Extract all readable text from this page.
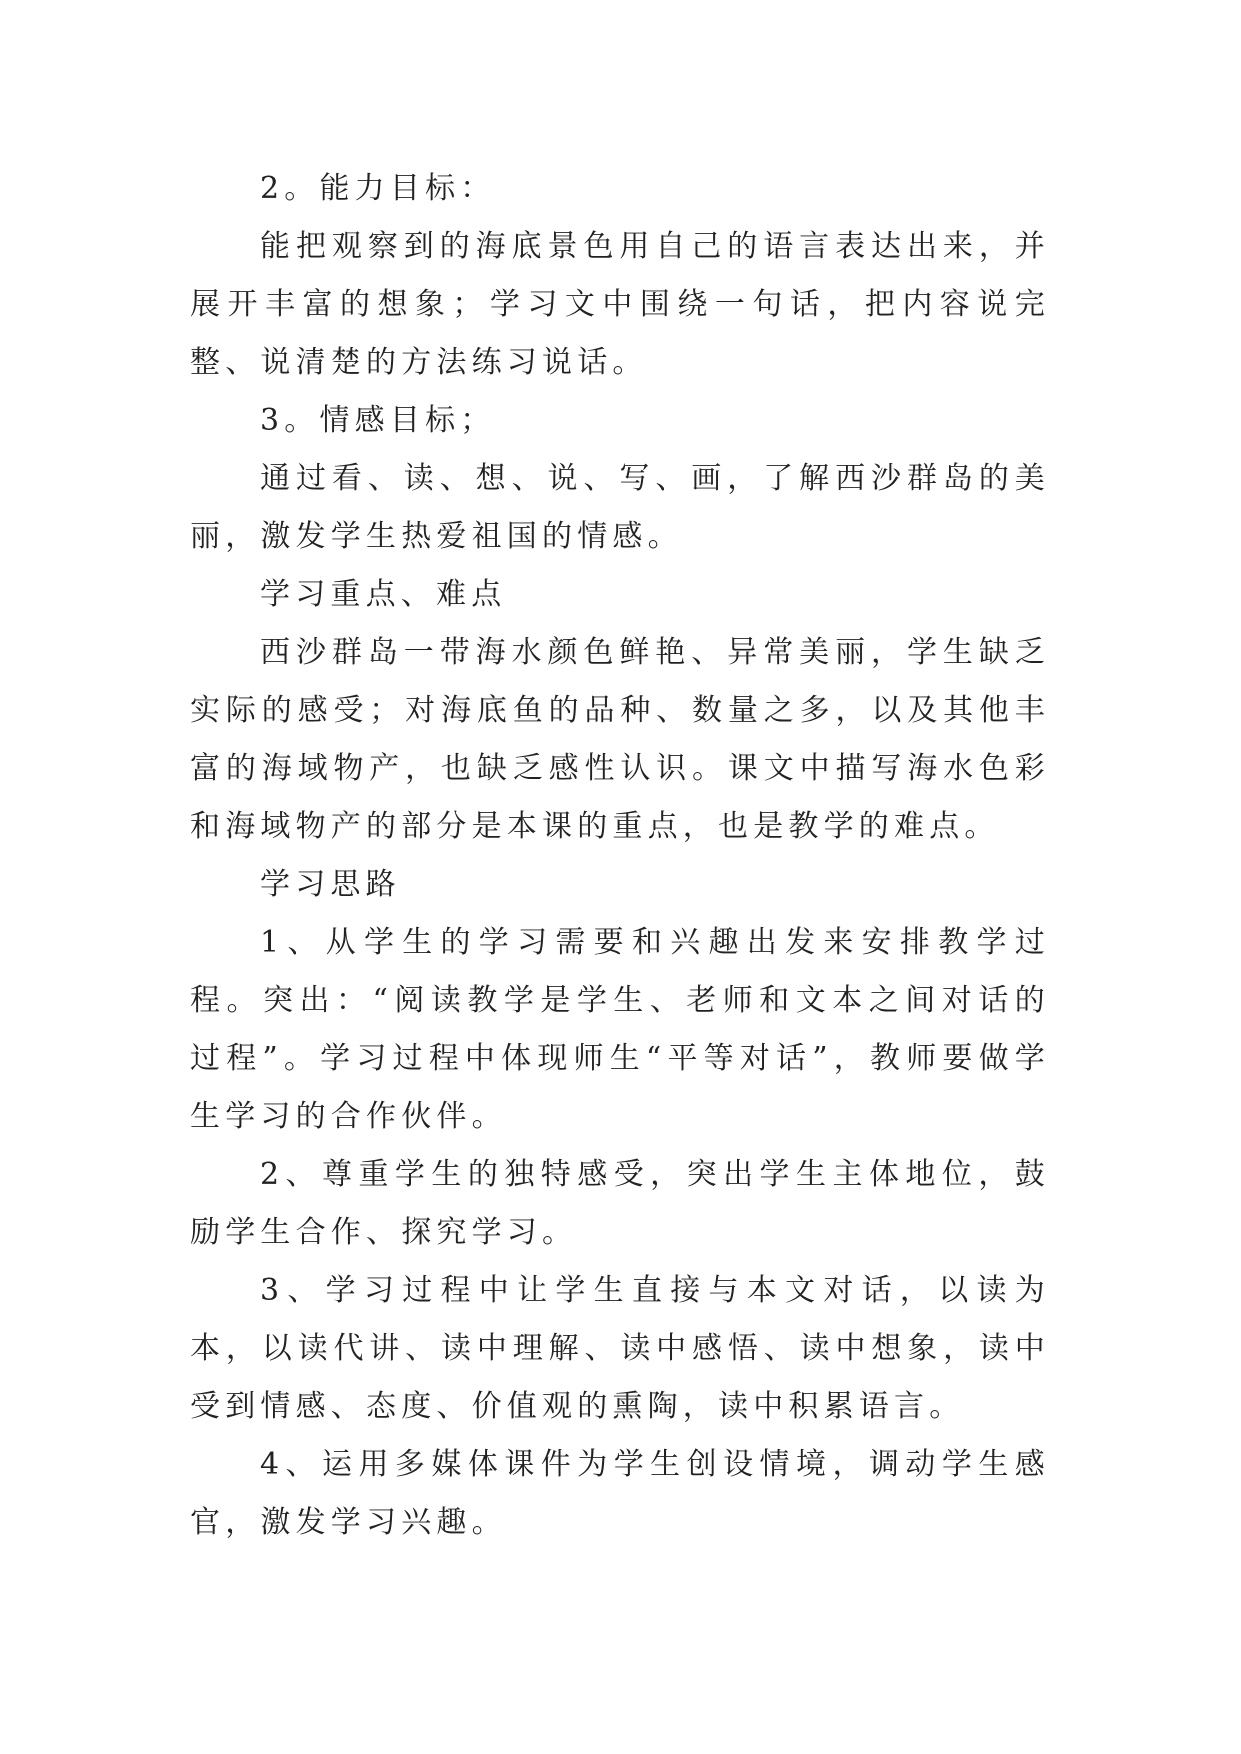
2。能力目标：

能把观察到的海底景色用自己的语言表达出来，并展开丰富的想象；学习文中围绕一句话，把内容说完整、说清楚的方法练习说话。

3。情感目标；

通过看、读、想、说、写、画，了解西沙群岛的美丽，激发学生热爱祖国的情感。

学习重点、难点

西沙群岛一带海水颜色鲜艳、异常美丽，学生缺乏实际的感受；对海底鱼的品种、数量之多，以及其他丰富的海域物产，也缺乏感性认识。课文中描写海水色彩和海域物产的部分是本课的重点，也是教学的难点。

学习思路

1、从学生的学习需要和兴趣出发来安排教学过程。突出：“阅读教学是学生、老师和文本之间对话的过程”。学习过程中体现师生“平等对话”，教师要做学生学习的合作伙伴。

2、尊重学生的独特感受，突出学生主体地位，鼓励学生合作、探究学习。

3、学习过程中让学生直接与本文对话，以读为本，以读代讲、读中理解、读中感悟、读中想象，读中受到情感、态度、价值观的熏陶，读中积累语言。

4、运用多媒体课件为学生创设情境，调动学生感官，激发学习兴趣。
